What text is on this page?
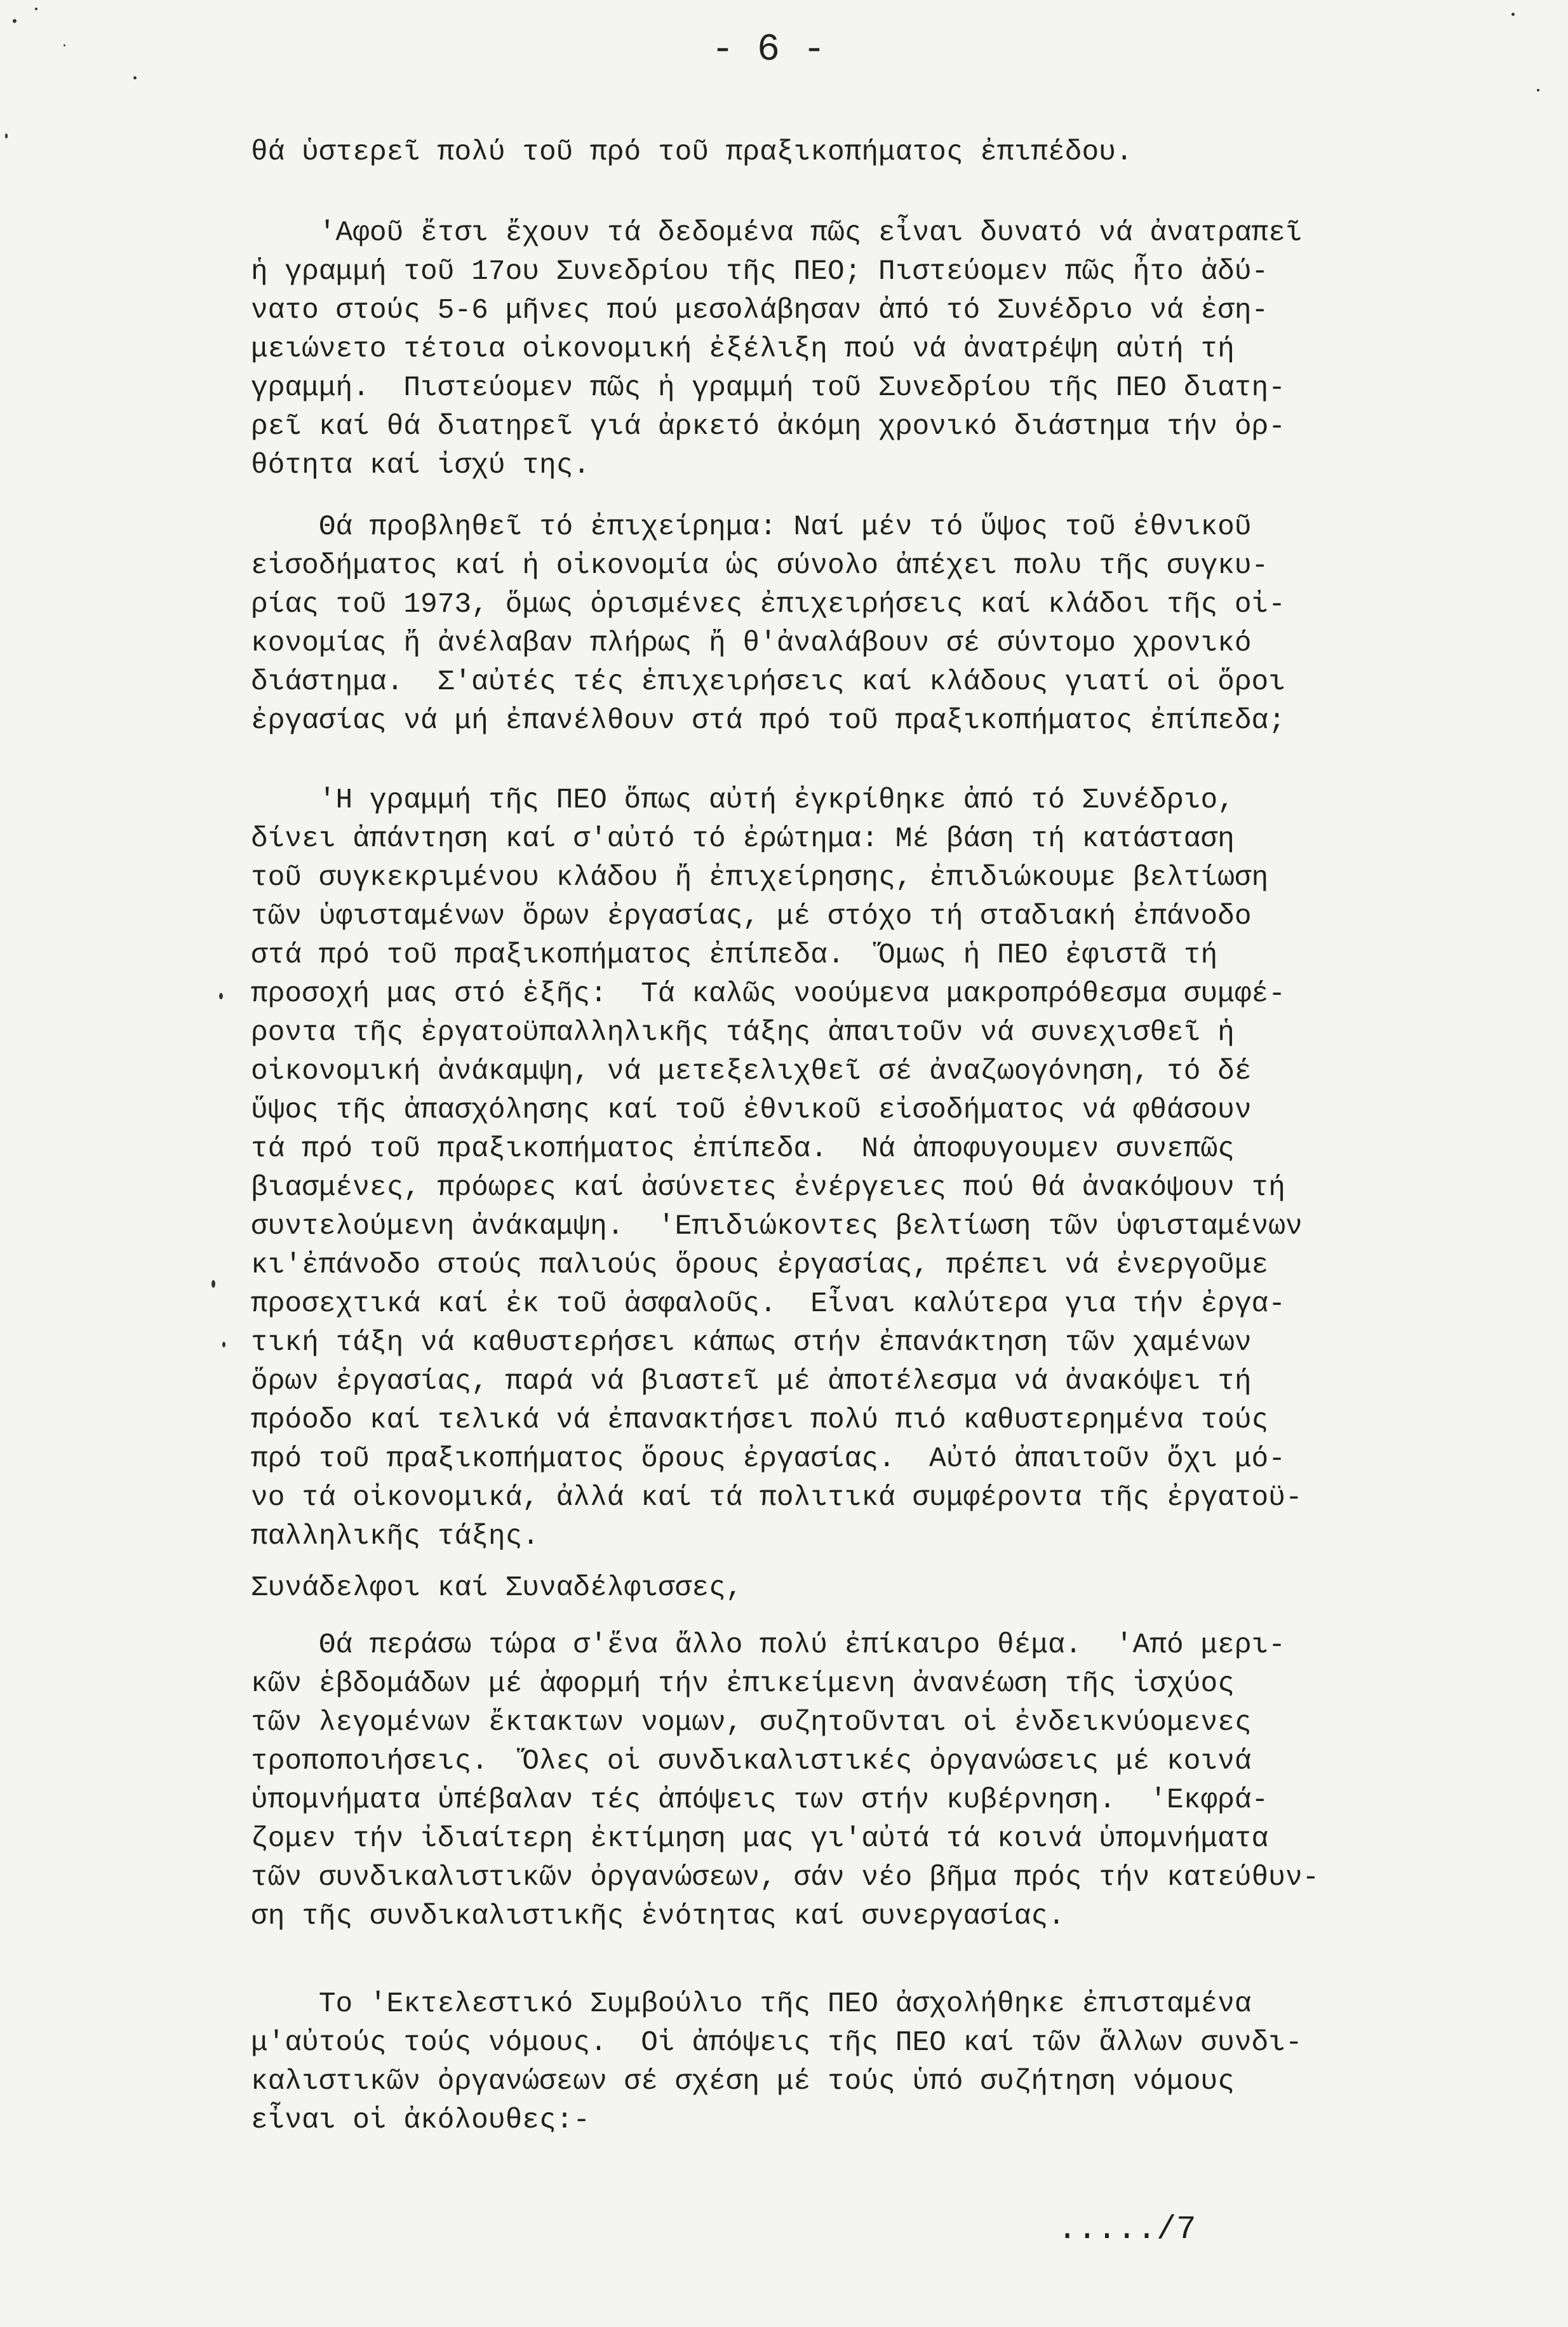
- 6 -
θά ὑστερεῖ πολύ τοῦ πρό τοῦ πραξικοπήματος ἐπιπέδου.
'Αφοῦ ἔτσι ἔχουν τά δεδομένα πῶς εἶναι δυνατό νά ἀνατραπεῖ
ἡ γραμμή τοῦ 17ου Συνεδρίου τῆς ΠΕΟ; Πιστεύομεν πῶς ἦτο ἀδύ-
νατο στούς 5-6 μῆνες πού μεσολάβησαν ἀπό τό Συνέδριο νά ἐση-
μειώνετο τέτοια οἰκονομική ἐξέλιξη πού νά ἀνατρέψη αὐτή τή
γραμμή.  Πιστεύομεν πῶς ἡ γραμμή τοῦ Συνεδρίου τῆς ΠΕΟ διατη-
ρεῖ καί θά διατηρεῖ γιά ἀρκετό ἀκόμη χρονικό διάστημα τήν ὀρ-
θότητα καί ἰσχύ της.
Θά προβληθεῖ τό ἐπιχείρημα: Ναί μέν τό ὕψος τοῦ ἐθνικοῦ
εἰσοδήματος καί ἡ οἰκονομία ὡς σύνολο ἀπέχει πολυ τῆς συγκυ-
ρίας τοῦ 1973, ὅμως ὁρισμένες ἐπιχειρήσεις καί κλάδοι τῆς οἰ-
κονομίας ἤ ἀνέλαβαν πλήρως ἤ θ'ἀναλάβουν σέ σύντομο χρονικό
διάστημα.  Σ'αὐτές τές ἐπιχειρήσεις καί κλάδους γιατί οἱ ὅροι
ἐργασίας νά μή ἐπανέλθουν στά πρό τοῦ πραξικοπήματος ἐπίπεδα;
'Η γραμμή τῆς ΠΕΟ ὅπως αὐτή ἐγκρίθηκε ἀπό τό Συνέδριο,
δίνει ἀπάντηση καί σ'αὐτό τό ἐρώτημα: Μέ βάση τή κατάσταση
τοῦ συγκεκριμένου κλάδου ἤ ἐπιχείρησης, ἐπιδιώκουμε βελτίωση
τῶν ὑφισταμένων ὅρων ἐργασίας, μέ στόχο τή σταδιακή ἐπάνοδο
στά πρό τοῦ πραξικοπήματος ἐπίπεδα.  Ὅμως ἡ ΠΕΟ ἐφιστᾶ τή
προσοχή μας στό ἑξῆς:  Τά καλῶς νοούμενα μακροπρόθεσμα συμφέ-
ροντα τῆς ἐργατοϋπαλληλικῆς τάξης ἀπαιτοῦν νά συνεχισθεῖ ἡ
οἰκονομική ἀνάκαμψη, νά μετεξελιχθεῖ σέ ἀναζωογόνηση, τό δέ
ὕψος τῆς ἀπασχόλησης καί τοῦ ἐθνικοῦ εἰσοδήματος νά φθάσουν
τά πρό τοῦ πραξικοπήματος ἐπίπεδα.  Νά ἀποφυγουμεν συνεπῶς
βιασμένες, πρόωρες καί ἀσύνετες ἐνέργειες πού θά ἀνακόψουν τή
συντελούμενη ἀνάκαμψη.  'Επιδιώκοντες βελτίωση τῶν ὑφισταμένων
κι'ἐπάνοδο στούς παλιούς ὅρους ἐργασίας, πρέπει νά ἐνεργοῦμε
προσεχτικά καί ἐκ τοῦ ἀσφαλοῦς.  Εἶναι καλύτερα για τήν ἐργα-
τική τάξη νά καθυστερήσει κάπως στήν ἐπανάκτηση τῶν χαμένων
ὅρων ἐργασίας, παρά νά βιαστεῖ μέ ἀποτέλεσμα νά ἀνακόψει τή
πρόοδο καί τελικά νά ἐπανακτήσει πολύ πιό καθυστερημένα τούς
πρό τοῦ πραξικοπήματος ὅρους ἐργασίας.  Αὐτό ἀπαιτοῦν ὄχι μό-
νο τά οἰκονομικά, ἀλλά καί τά πολιτικά συμφέροντα τῆς ἐργατοϋ-
παλληλικῆς τάξης.
Συνάδελφοι καί Συναδέλφισσες,
Θά περάσω τώρα σ'ἕνα ἄλλο πολύ ἐπίκαιρο θέμα.  'Από μερι-
κῶν ἑβδομάδων μέ ἀφορμή τήν ἐπικείμενη ἀνανέωση τῆς ἰσχύος
τῶν λεγομένων ἔκτακτων νομων, συζητοῦνται οἱ ἐνδεικνύομενες
τροποποιήσεις.  Ὅλες οἱ συνδικαλιστικές ὀργανώσεις μέ κοινά
ὑπομνήματα ὑπέβαλαν τές ἀπόψεις των στήν κυβέρνηση.  'Εκφρά-
ζομεν τήν ἰδιαίτερη ἐκτίμηση μας γι'αὐτά τά κοινά ὑπομνήματα
τῶν συνδικαλιστικῶν ὀργανώσεων, σάν νέο βῆμα πρός τήν κατεύθυν-
ση τῆς συνδικαλιστικῆς ἑνότητας καί συνεργασίας.
Το 'Εκτελεστικό Συμβούλιο τῆς ΠΕΟ ἀσχολήθηκε ἐπισταμένα
μ'αὐτούς τούς νόμους.  Οἱ ἀπόψεις τῆς ΠΕΟ καί τῶν ἄλλων συνδι-
καλιστικῶν ὀργανώσεων σέ σχέση μέ τούς ὑπό συζήτηση νόμους
εἶναι οἱ ἀκόλουθες:-
...../7
